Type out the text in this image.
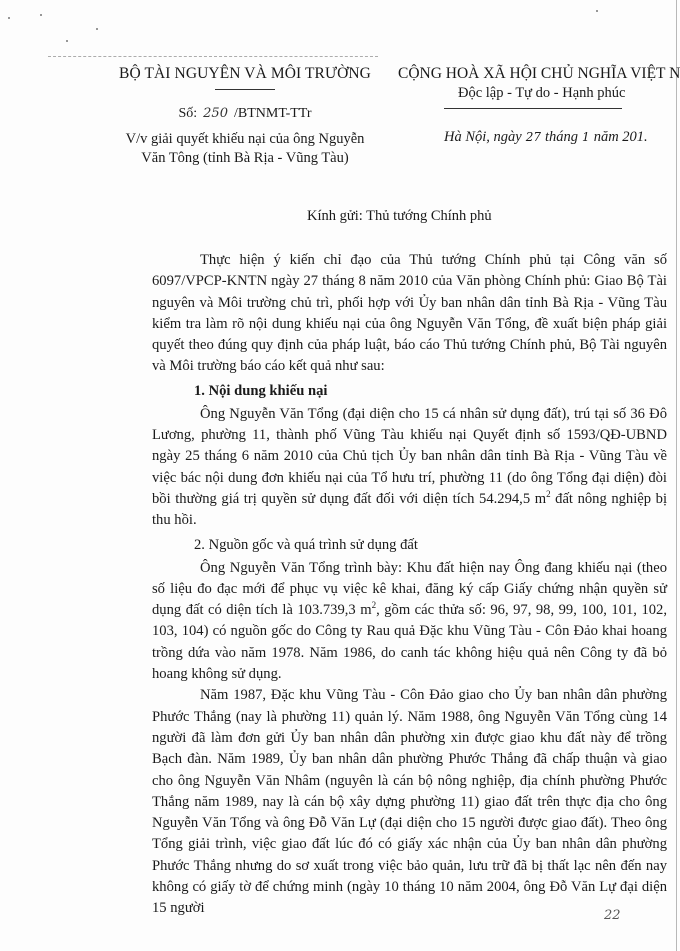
BỘ TÀI NGUYÊN VÀ MÔI TRƯỜNG
Số: 250 /BTNMT-TTr
V/v giải quyết khiếu nại của ông Nguyễn
Văn Tông (tỉnh Bà Rịa - Vũng Tàu)
CỘNG HOÀ XÃ HỘI CHỦ NGHĨA VIỆT N
Độc lập - Tự do - Hạnh phúc
Hà Nội, ngày 27 tháng 1 năm 201.
Kính gửi: Thủ tướng Chính phủ

Thực hiện ý kiến chỉ đạo của Thủ tướng Chính phủ tại Công văn số 6097/VPCP-KNTN ngày 27 tháng 8 năm 2010 của Văn phòng Chính phủ: Giao Bộ Tài nguyên và Môi trường chủ trì, phối hợp với Ủy ban nhân dân tỉnh Bà Rịa - Vũng Tàu kiểm tra làm rõ nội dung khiếu nại của ông Nguyễn Văn Tổng, đề xuất biện pháp giải quyết theo đúng quy định của pháp luật, báo cáo Thủ tướng Chính phủ, Bộ Tài nguyên và Môi trường báo cáo kết quả như sau:

1. Nội dung khiếu nại

Ông Nguyễn Văn Tổng (đại diện cho 15 cá nhân sử dụng đất), trú tại số 36 Đô Lương, phường 11, thành phố Vũng Tàu khiếu nại Quyết định số 1593/QĐ-UBND ngày 25 tháng 6 năm 2010 của Chủ tịch Ủy ban nhân dân tỉnh Bà Rịa - Vũng Tàu về việc bác nội dung đơn khiếu nại của Tổ hưu trí, phường 11 (do ông Tổng đại diện) đòi bồi thường giá trị quyền sử dụng đất đối với diện tích 54.294,5 $m^2$ đất nông nghiệp bị thu hồi.

2. Nguồn gốc và quá trình sử dụng đất

Ông Nguyễn Văn Tổng trình bày: Khu đất hiện nay Ông đang khiếu nại (theo số liệu đo đạc mới để phục vụ việc kê khai, đăng ký cấp Giấy chứng nhận quyền sử dụng đất có diện tích là 103.739,3 $m^2$, gồm các thửa số: 96, 97, 98, 99, 100, 101, 102, 103, 104) có nguồn gốc do Công ty Rau quả Đặc khu Vũng Tàu - Côn Đảo khai hoang trồng dứa vào năm 1978. Năm 1986, do canh tác không hiệu quả nên Công ty đã bỏ hoang không sử dụng.

Năm 1987, Đặc khu Vũng Tàu - Côn Đảo giao cho Ủy ban nhân dân phường Phước Thắng (nay là phường 11) quản lý. Năm 1988, ông Nguyễn Văn Tổng cùng 14 người đã làm đơn gửi Ủy ban nhân dân phường xin được giao khu đất này để trồng Bạch đàn. Năm 1989, Ủy ban nhân dân phường Phước Thắng đã chấp thuận và giao cho ông Nguyễn Văn Nhâm (nguyên là cán bộ nông nghiệp, địa chính phường Phước Thắng năm 1989, nay là cán bộ xây dựng phường 11) giao đất trên thực địa cho ông Nguyễn Văn Tổng và ông Đỗ Văn Lự (đại diện cho 15 người được giao đất). Theo ông Tổng giải trình, việc giao đất lúc đó có giấy xác nhận của Ủy ban nhân dân phường Phước Thắng nhưng do sơ xuất trong việc bảo quản, lưu trữ đã bị thất lạc nên đến nay không có giấy tờ để chứng minh (ngày 10 tháng 10 năm 2004, ông Đỗ Văn Lự đại diện 15 người	22
